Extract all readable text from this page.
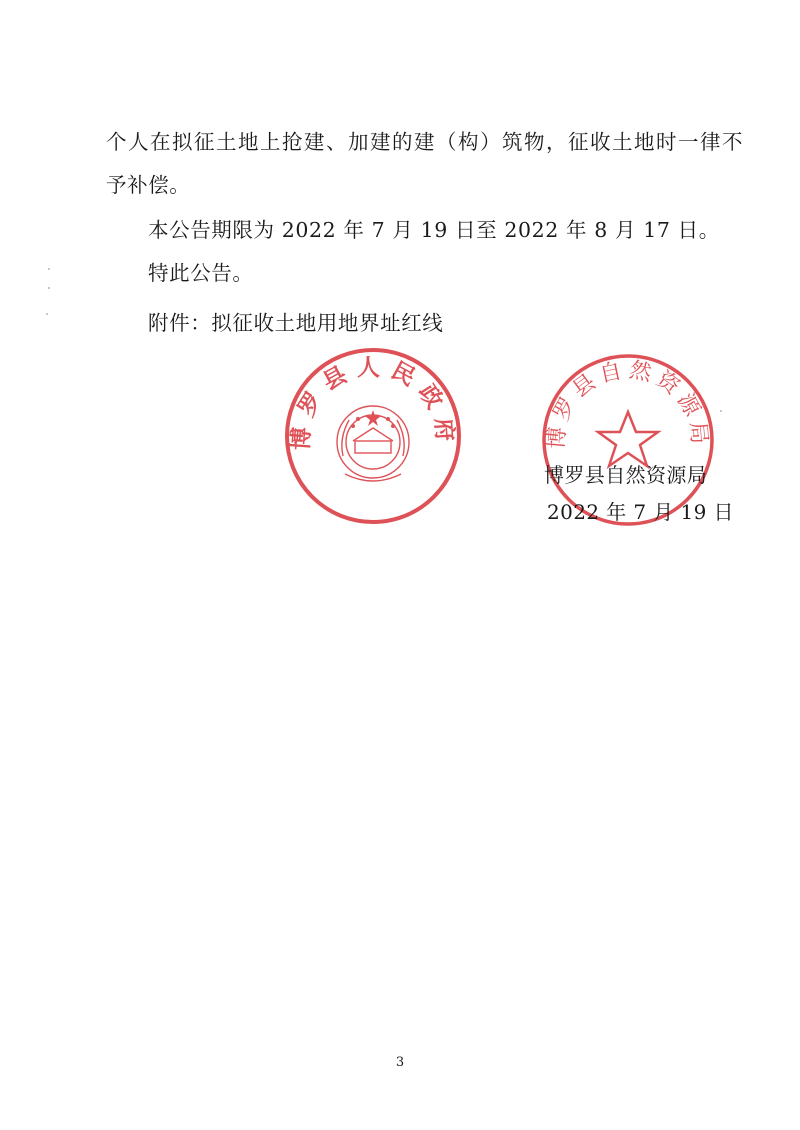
个人在拟征土地上抢建、加建的建（构）筑物，征收土地时一律不
予补偿。
本公告期限为 2022 年 7 月 19 日至 2022 年 8 月 17 日。
特此公告。
附件：拟征收土地用地界址红线
博罗县人民政府	博罗县自然资源局
博罗县自然资源局
2022 年 7 月 19 日
3
